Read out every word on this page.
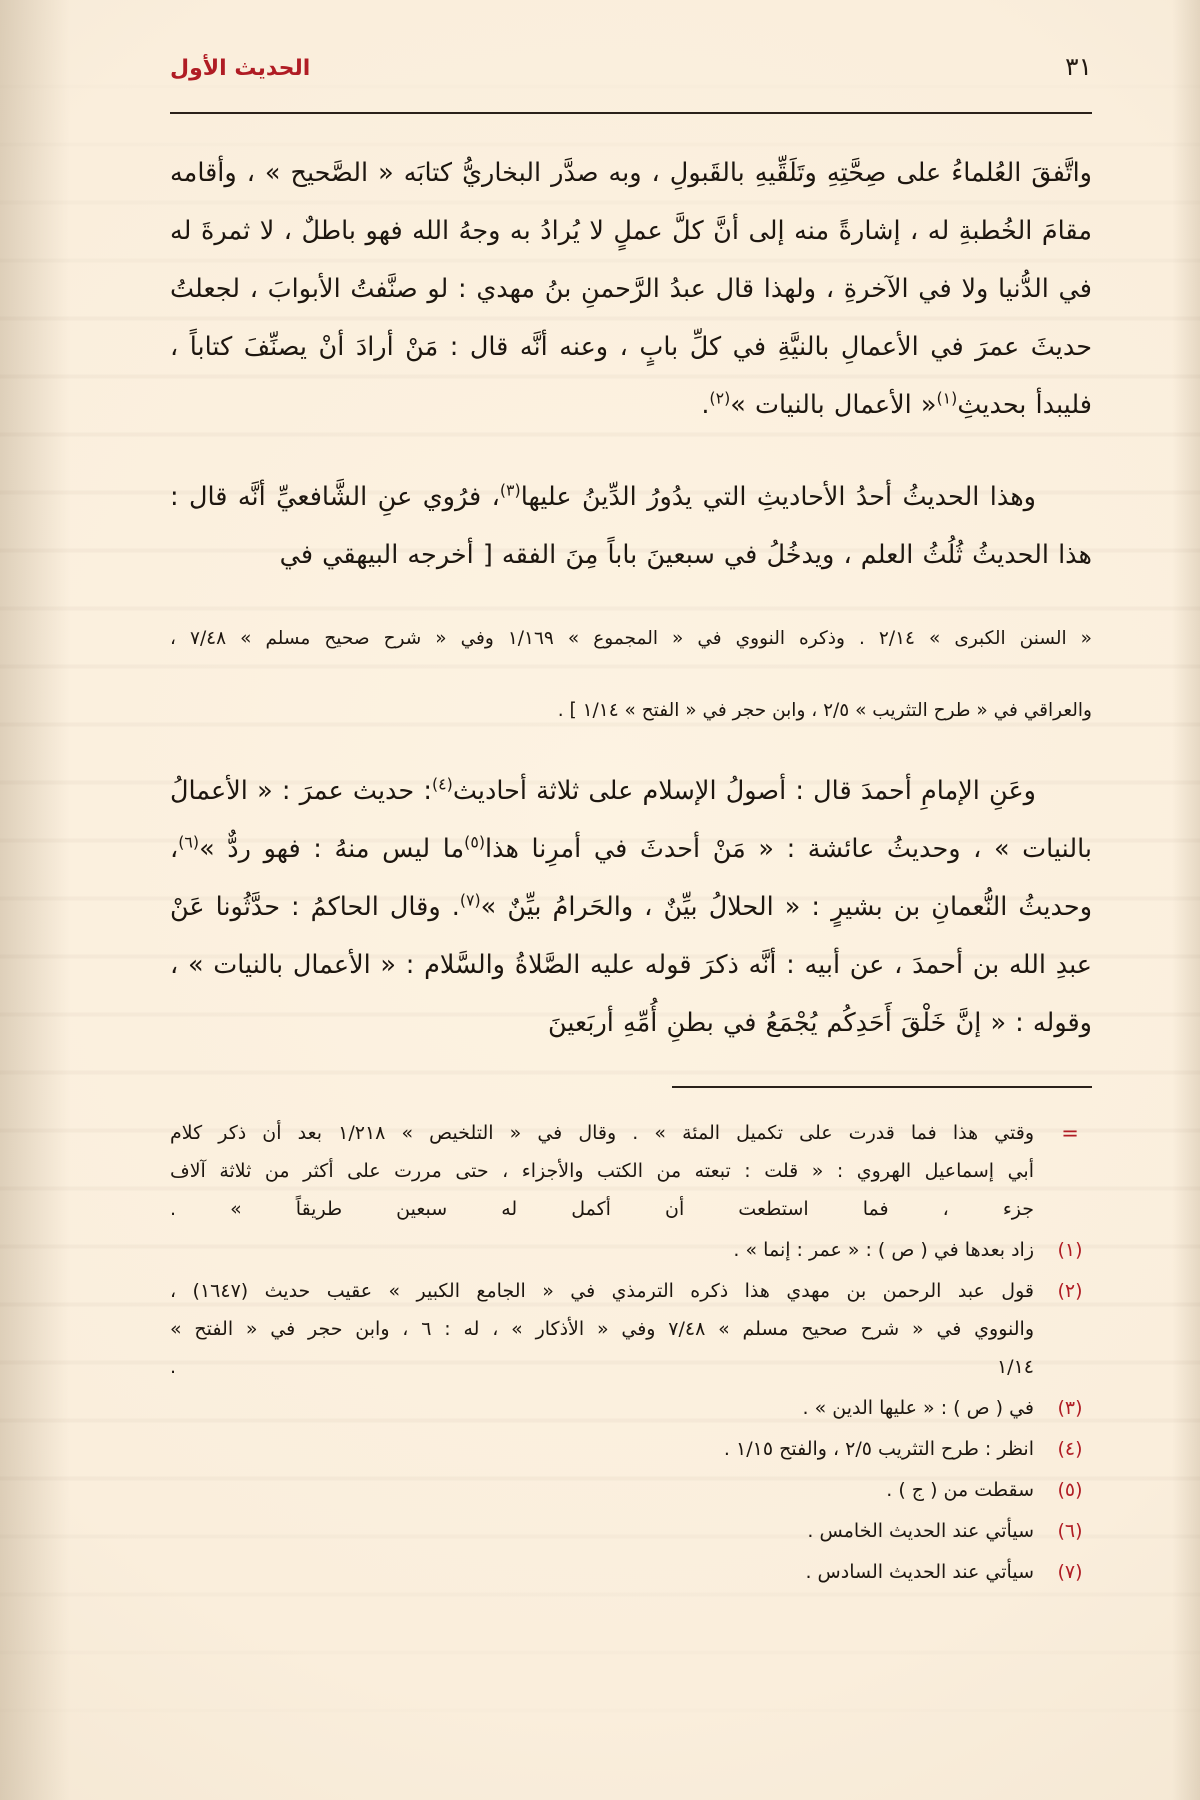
الحديث الأول	٣١

واتَّفقَ العُلماءُ على صِحَّتِهِ وتَلَقِّيهِ بالقَبولِ ، وبه صدَّر البخاريُّ كتابَه « الصَّحيح » ، وأقامه مقامَ الخُطبةِ له ، إشارةً منه إلى أنَّ كلَّ عملٍ لا يُرادُ به وجهُ الله فهو باطلٌ ، لا ثمرةَ له في الدُّنيا ولا في الآخرةِ ، ولهذا قال عبدُ الرَّحمنِ بنُ مهدي : لو صنَّفتُ الأبوابَ ، لجعلتُ حديثَ عمرَ في الأعمالِ بالنيَّةِ في كلِّ بابٍ ، وعنه أنَّه قال : مَنْ أرادَ أنْ يصنِّفَ كتاباً ، فليبدأ بحديثِ$^{(١)}$« الأعمال بالنيات »$^{(٢)}$.

وهذا الحديثُ أحدُ الأحاديثِ التي يدُورُ الدِّينُ عليها$^{(٣)}$، فرُوي عنِ الشَّافعيِّ أنَّه قال : هذا الحديثُ ثُلُثُ العلم ، ويدخُلُ في سبعينَ باباً مِنَ الفقه [ أخرجه البيهقي في

« السنن الكبرى » ٢/١٤ . وذكره النووي في « المجموع » ١/١٦٩ وفي « شرح صحيح مسلم » ٧/٤٨ ،

والعراقي في « طرح التثريب » ٢/٥ ، وابن حجر في « الفتح » ١/١٤ ] .

وعَنِ الإمامِ أحمدَ قال : أصولُ الإسلام على ثلاثة أحاديث$^{(٤)}$: حديث عمرَ : « الأعمالُ بالنيات » ، وحديثُ عائشة : « مَنْ أحدثَ في أمرِنا هذا$^{(٥)}$ما ليس منهُ : فهو ردٌّ »$^{(٦)}$، وحديثُ النُّعمانِ بن بشيرٍ : « الحلالُ بيِّنٌ ، والحَرامُ بيِّنٌ »$^{(٧)}$. وقال الحاكمُ : حدَّثُونا عَنْ عبدِ الله بن أحمدَ ، عن أبيه : أنَّه ذكرَ قوله عليه الصَّلاةُ والسَّلام : « الأعمال بالنيات » ، وقوله : « إنَّ خَلْقَ أَحَدِكُم يُجْمَعُ في بطنِ أُمِّهِ أربَعينَ

=
وقتي هذا فما قدرت على تكميل المئة » . وقال في « التلخيص » ١/٢١٨ بعد أن ذكر كلام
أبي إسماعيل الهروي : « قلت : تبعته من الكتب والأجزاء ، حتى مررت على أكثر من ثلاثة آلاف
جزء ، فما استطعت أن أكمل له سبعين طريقاً » .
(١)
زاد بعدها في ( ص ) : « عمر : إنما » .
(٢)
قول عبد الرحمن بن مهدي هذا ذكره الترمذي في « الجامع الكبير » عقيب حديث (١٦٤٧) ،
والنووي في « شرح صحيح مسلم » ٧/٤٨ وفي « الأذكار » ، له : ٦ ، وابن حجر في « الفتح »
١/١٤ .
(٣)
في ( ص ) : « عليها الدين » .
(٤)
انظر : طرح التثريب ٢/٥ ، والفتح ١/١٥ .
(٥)
سقطت من ( ج ) .
(٦)
سيأتي عند الحديث الخامس .
(٧)
سيأتي عند الحديث السادس .
